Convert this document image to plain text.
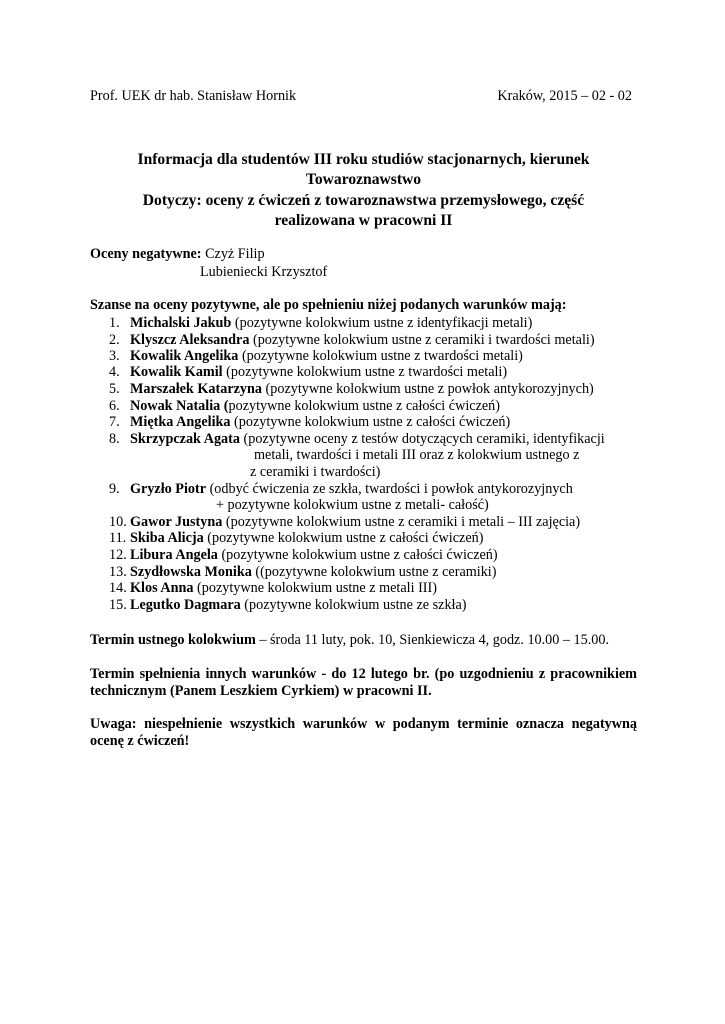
Prof. UEK dr hab. Stanisław Hornik	Kraków, 2015 – 02 - 02
Informacja dla studentów III roku studiów stacjonarnych, kierunek
Towaroznawstwo
Dotyczy: oceny z ćwiczeń z towaroznawstwa przemysłowego, część
realizowana w pracowni II
Oceny negatywne: Czyż Filip
Lubieniecki Krzysztof
Szanse na oceny pozytywne, ale po spełnieniu niżej podanych warunków mają:
1. Michalski Jakub (pozytywne kolokwium ustne z identyfikacji metali)
2. Klyszcz Aleksandra (pozytywne kolokwium ustne z ceramiki i twardości metali)
3. Kowalik Angelika (pozytywne kolokwium ustne z twardości metali)
4. Kowalik Kamil (pozytywne kolokwium ustne z twardości metali)
5. Marszałek Katarzyna (pozytywne kolokwium ustne z powłok antykorozyjnych)
6. Nowak Natalia (pozytywne kolokwium ustne z całości ćwiczeń)
7. Miętka Angelika (pozytywne kolokwium ustne z całości ćwiczeń)
8. Skrzypczak Agata (pozytywne oceny z testów dotyczących ceramiki, identyfikacji
metali, twardości i metali III oraz z kolokwium ustnego z
z ceramiki i twardości)
9. Gryzło Piotr (odbyć ćwiczenia ze szkła, twardości i powłok antykorozyjnych
+ pozytywne kolokwium ustne z metali- całość)
10. Gawor Justyna (pozytywne kolokwium ustne z ceramiki i metali – III zajęcia)
11. Skiba Alicja (pozytywne kolokwium ustne z całości ćwiczeń)
12. Libura Angela (pozytywne kolokwium ustne z całości ćwiczeń)
13. Szydłowska Monika ((pozytywne kolokwium ustne z ceramiki)
14. Klos Anna (pozytywne kolokwium ustne z metali III)
15. Legutko Dagmara (pozytywne kolokwium ustne ze szkła)
Termin ustnego kolokwium – środa 11 luty, pok. 10, Sienkiewicza 4, godz. 10.00 – 15.00.
Termin spełnienia innych warunków - do 12 lutego br. (po uzgodnieniu z pracownikiem technicznym (Panem Leszkiem Cyrkiem) w pracowni II.
Uwaga: niespełnienie wszystkich warunków w podanym terminie oznacza negatywną ocenę z ćwiczeń!
